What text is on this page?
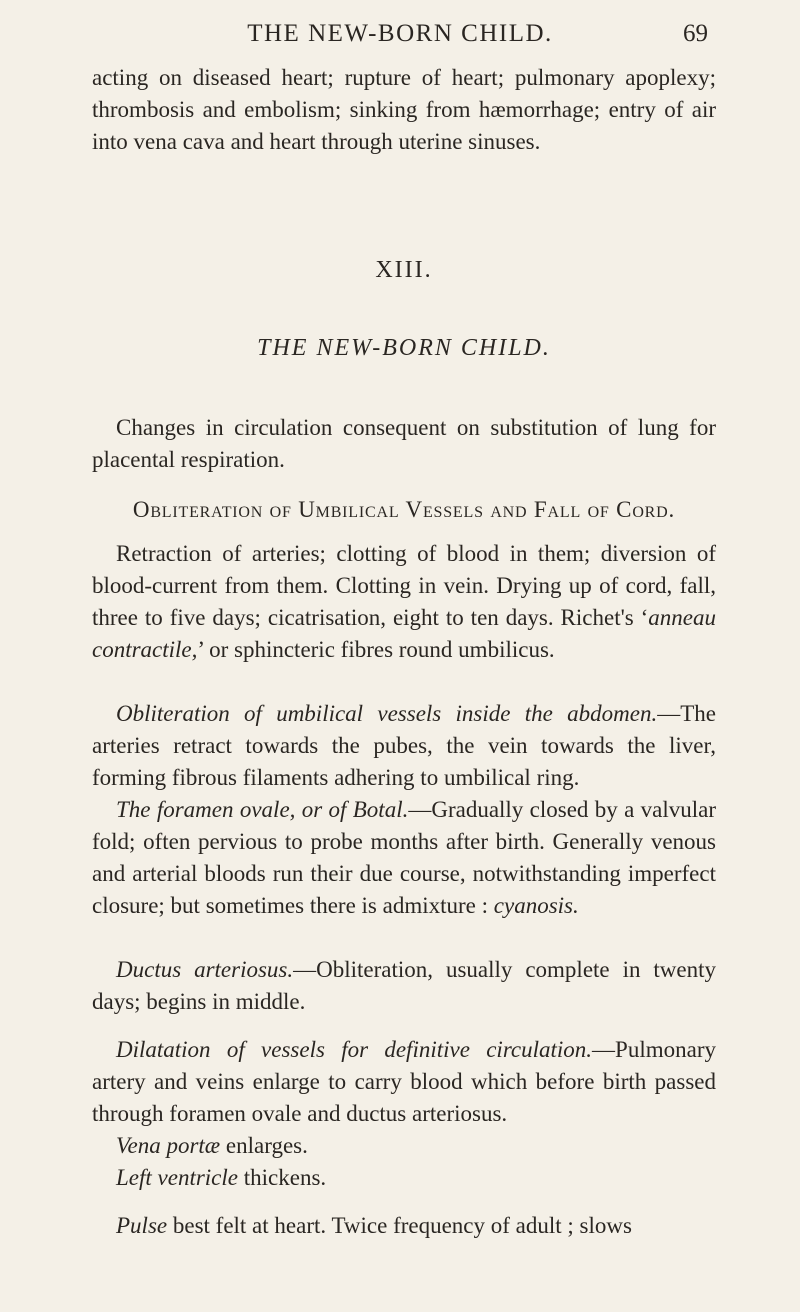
THE NEW-BORN CHILD.	69
acting on diseased heart; rupture of heart; pulmonary apoplexy; thrombosis and embolism; sinking from hæmorrhage; entry of air into vena cava and heart through uterine sinuses.
XIII.
THE NEW-BORN CHILD.
Changes in circulation consequent on substitution of lung for placental respiration.
Obliteration of Umbilical Vessels and Fall of Cord.
Retraction of arteries; clotting of blood in them; diversion of blood-current from them. Clotting in vein. Drying up of cord, fall, three to five days; cicatrisation, eight to ten days. Richet's ‘anneau contractile,’ or sphincteric fibres round umbilicus.
Obliteration of umbilical vessels inside the abdomen.—The arteries retract towards the pubes, the vein towards the liver, forming fibrous filaments adhering to umbilical ring.
The foramen ovale, or of Botal.—Gradually closed by a valvular fold; often pervious to probe months after birth. Generally venous and arterial bloods run their due course, notwithstanding imperfect closure; but sometimes there is admixture : cyanosis.
Ductus arteriosus.—Obliteration, usually complete in twenty days; begins in middle.
Dilatation of vessels for definitive circulation.—Pulmonary artery and veins enlarge to carry blood which before birth passed through foramen ovale and ductus arteriosus.
Vena portæ enlarges.
Left ventricle thickens.
Pulse best felt at heart. Twice frequency of adult ; slows
